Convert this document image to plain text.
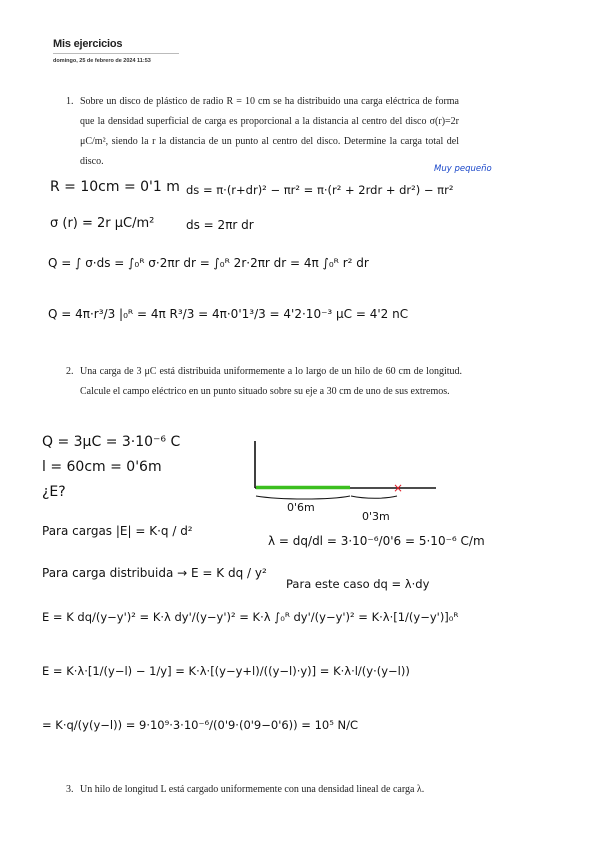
Mis ejercicios
domingo, 25 de febrero de 2024 11:53
1. Sobre un disco de plástico de radio R = 10 cm se ha distribuido una carga eléctrica de forma que la densidad superficial de carga es proporcional a la distancia al centro del disco σ(r)=2r μC/m², siendo la r la distancia de un punto al centro del disco. Determine la carga total del disco.
R = 10cm = 0'1 m
σ (r) = 2r μC/m²
ds = π·(r+dr)² − πr² = π·(r² + 2rdr + dr²) − πr²
ds = 2πr dr
Muy pequeño
Q = ∫ σ·ds = ∫₀ᴿ σ·2πr dr = ∫₀ᴿ 2r·2πr dr = 4π ∫₀ᴿ r² dr
Q = 4π·r³/3 |₀ᴿ = 4π R³/3 = 4π·0'1³/3 = 4'2·10⁻³ μC = 4'2 nC
2. Una carga de 3 μC está distribuida uniformemente a lo largo de un hilo de 60 cm de longitud. Calcule el campo eléctrico en un punto situado sobre su eje a 30 cm de uno de sus extremos.
Q = 3μC = 3·10⁻⁶ C
l = 60cm = 0'6m
¿E?	×
0'6m
0'3m
Para cargas |E| = K·q / d²
λ = dq/dl = 3·10⁻⁶/0'6 = 5·10⁻⁶ C/m
Para carga distribuida → E = K dq / y²
Para este caso dq = λ·dy
E = K dq/(y−y')² = K·λ dy'/(y−y')² = K·λ ∫₀ᴿ dy'/(y−y')² = K·λ·[1/(y−y')]₀ᴿ
E = K·λ·[1/(y−l) − 1/y] = K·λ·[(y−y+l)/((y−l)·y)] = K·λ·l/(y·(y−l))
= K·q/(y(y−l)) = 9·10⁹·3·10⁻⁶/(0'9·(0'9−0'6)) = 10⁵ N/C
3. Un hilo de longitud L está cargado uniformemente con una densidad lineal de carga λ.
